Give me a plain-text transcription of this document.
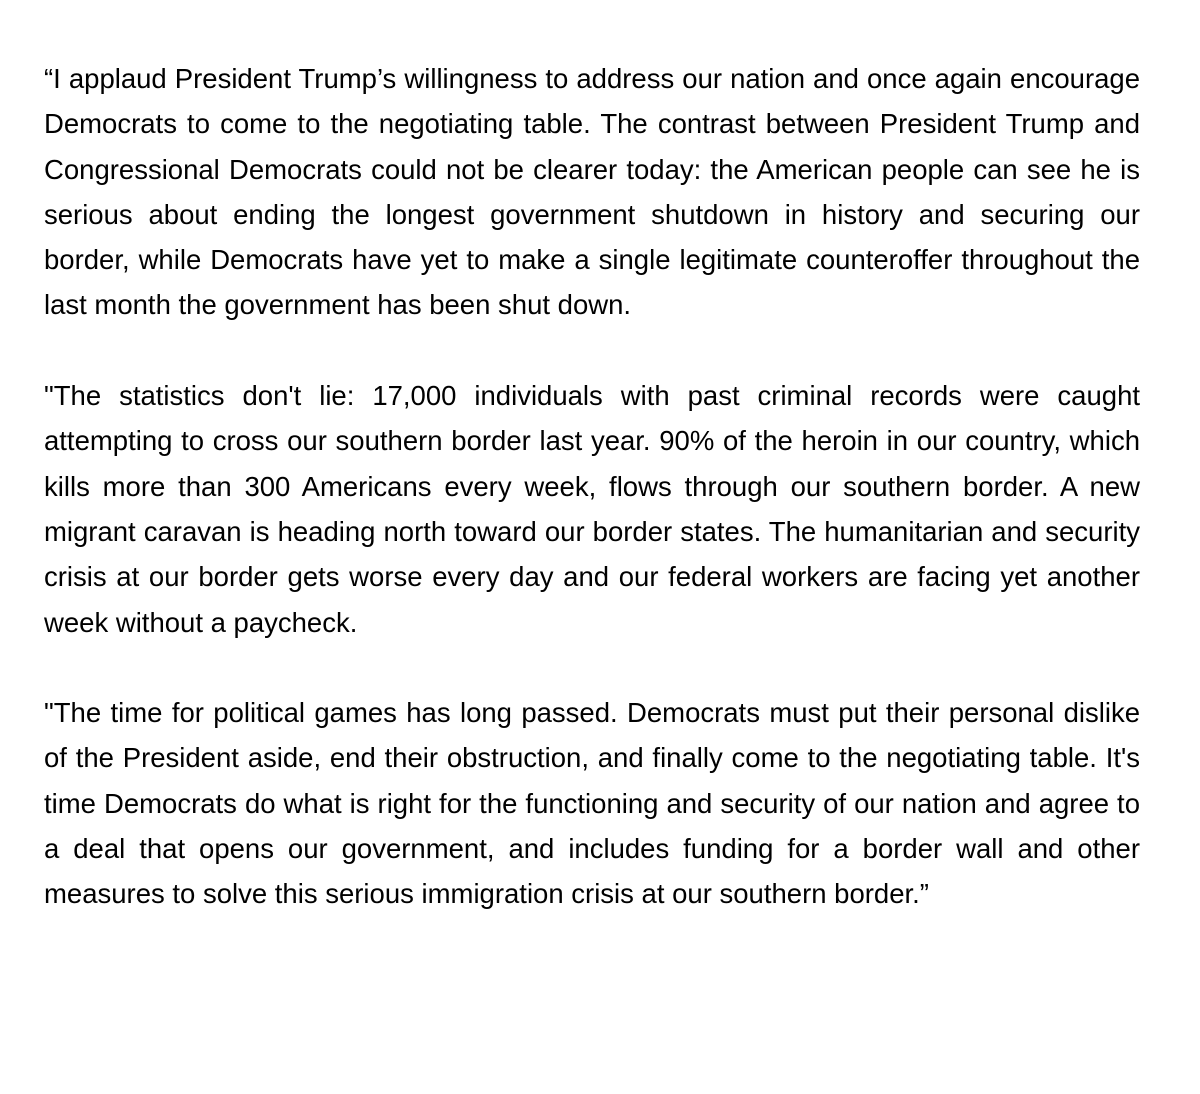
“I applaud President Trump’s willingness to address our nation and once again encourage Democrats to come to the negotiating table. The contrast between President Trump and Congressional Democrats could not be clearer today: the American people can see he is serious about ending the longest government shutdown in history and securing our border, while Democrats have yet to make a single legitimate counteroffer throughout the last month the government has been shut down.

"The statistics don't lie: 17,000 individuals with past criminal records were caught attempting to cross our southern border last year. 90% of the heroin in our country, which kills more than 300 Americans every week, flows through our southern border. A new migrant caravan is heading north toward our border states. The humanitarian and security crisis at our border gets worse every day and our federal workers are facing yet another week without a paycheck.

"The time for political games has long passed. Democrats must put their personal dislike of the President aside, end their obstruction, and finally come to the negotiating table. It's time Democrats do what is right for the functioning and security of our nation and agree to a deal that opens our government, and includes funding for a border wall and other measures to solve this serious immigration crisis at our southern border.”
